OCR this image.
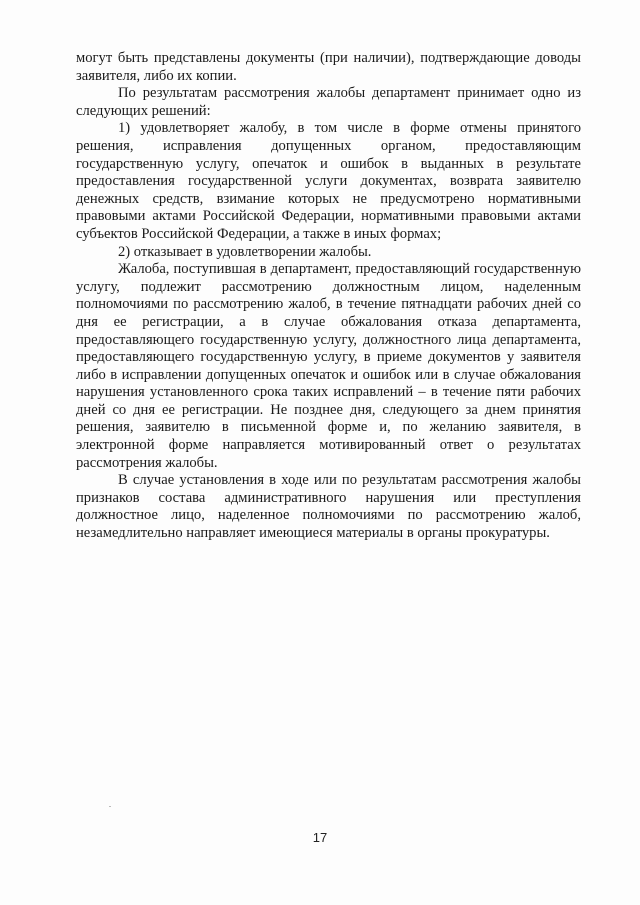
могут быть представлены документы (при наличии), подтверждающие доводы заявителя, либо их копии.

По результатам рассмотрения жалобы департамент принимает одно из следующих решений:

1) удовлетворяет жалобу, в том числе в форме отмены принятого решения, исправления допущенных органом, предоставляющим государственную услугу, опечаток и ошибок в выданных в результате предоставления государственной услуги документах, возврата заявителю денежных средств, взимание которых не предусмотрено нормативными правовыми актами Российской Федерации, нормативными правовыми актами субъектов Российской Федерации, а также в иных формах;

2) отказывает в удовлетворении жалобы.

Жалоба, поступившая в департамент, предоставляющий государственную услугу, подлежит рассмотрению должностным лицом, наделенным полномочиями по рассмотрению жалоб, в течение пятнадцати рабочих дней со дня ее регистрации, а в случае обжалования отказа департамента, предоставляющего государственную услугу, должностного лица департамента, предоставляющего государственную услугу, в приеме документов у заявителя либо в исправлении допущенных опечаток и ошибок или в случае обжалования нарушения установленного срока таких исправлений – в течение пяти рабочих дней со дня ее регистрации. Не позднее дня, следующего за днем принятия решения, заявителю в письменной форме и, по желанию заявителя, в электронной форме направляется мотивированный ответ о результатах рассмотрения жалобы.

В случае установления в ходе или по результатам рассмотрения жалобы признаков состава административного нарушения или преступления должностное лицо, наделенное полномочиями по рассмотрению жалоб, незамедлительно направляет имеющиеся материалы в органы прокуратуры.

17
